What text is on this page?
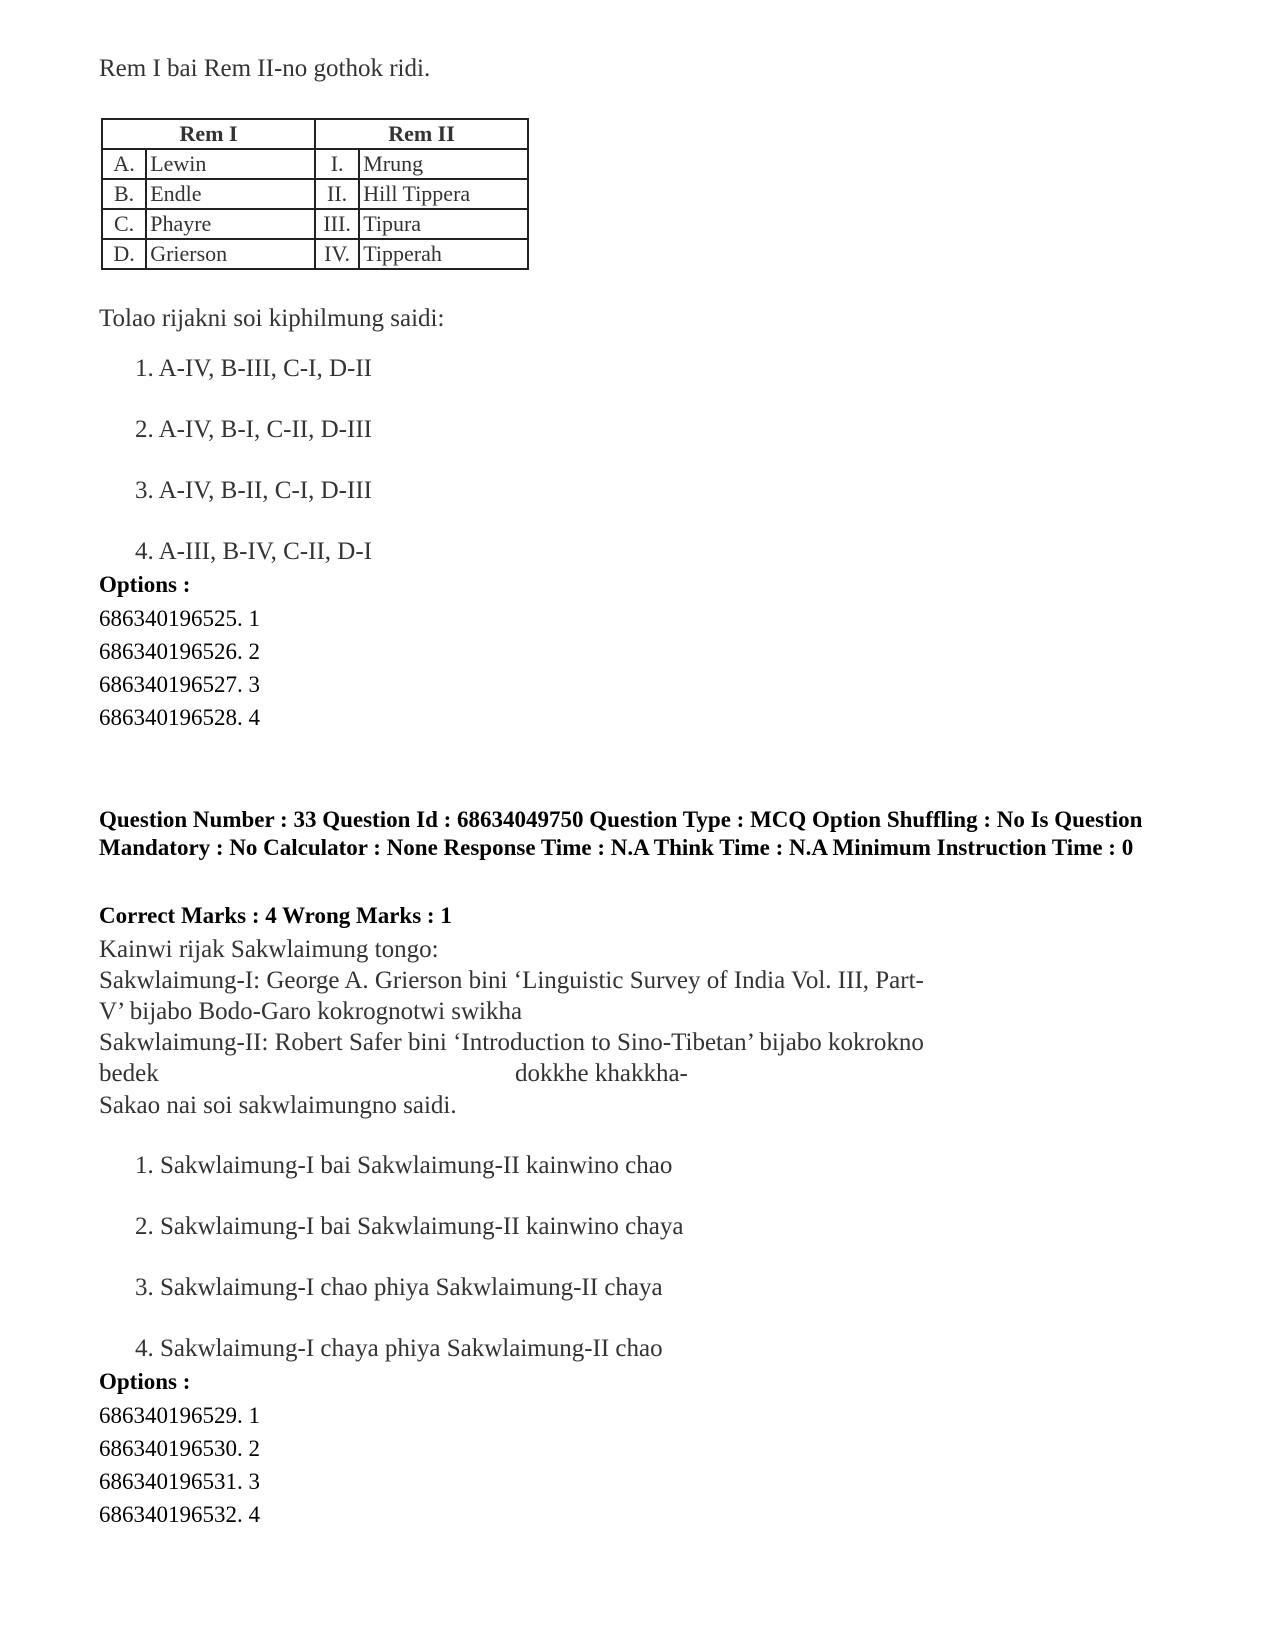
Rem I bai Rem II-no gothok ridi.
Rem I		Rem II	
A.	Lewin	I.	Mrung
B.	Endle	II.	Hill Tippera
C.	Phayre	III.	Tipura
D.	Grierson	IV.	Tipperah
Tolao rijakni soi kiphilmung saidi:
1. A-IV, B-III, C-I, D-II
2. A-IV, B-I, C-II, D-III
3. A-IV, B-II, C-I, D-III
4. A-III, B-IV, C-II, D-I
Options :
686340196525. 1
686340196526. 2
686340196527. 3
686340196528. 4
Question Number : 33 Question Id : 68634049750 Question Type : MCQ Option Shuffling : No Is Question Mandatory : No Calculator : None Response Time : N.A Think Time : N.A Minimum Instruction Time : 0
Correct Marks : 4 Wrong Marks : 1
Kainwi rijak Sakwlaimung tongo:
Sakwlaimung-I: George A. Grierson bini ‘Linguistic Survey of India Vol. III, Part-
V’ bijabo Bodo-Garo kokrognotwi swikha
Sakwlaimung-II: Robert Safer bini ‘Introduction to Sino-Tibetan’ bijabo kokrokno
bedek	dokkhe khakkha-
Sakao nai soi sakwlaimungno saidi.
1. Sakwlaimung-I bai Sakwlaimung-II kainwino chao
2. Sakwlaimung-I bai Sakwlaimung-II kainwino chaya
3. Sakwlaimung-I chao phiya Sakwlaimung-II chaya
4. Sakwlaimung-I chaya phiya Sakwlaimung-II chao
Options :
686340196529. 1
686340196530. 2
686340196531. 3
686340196532. 4
